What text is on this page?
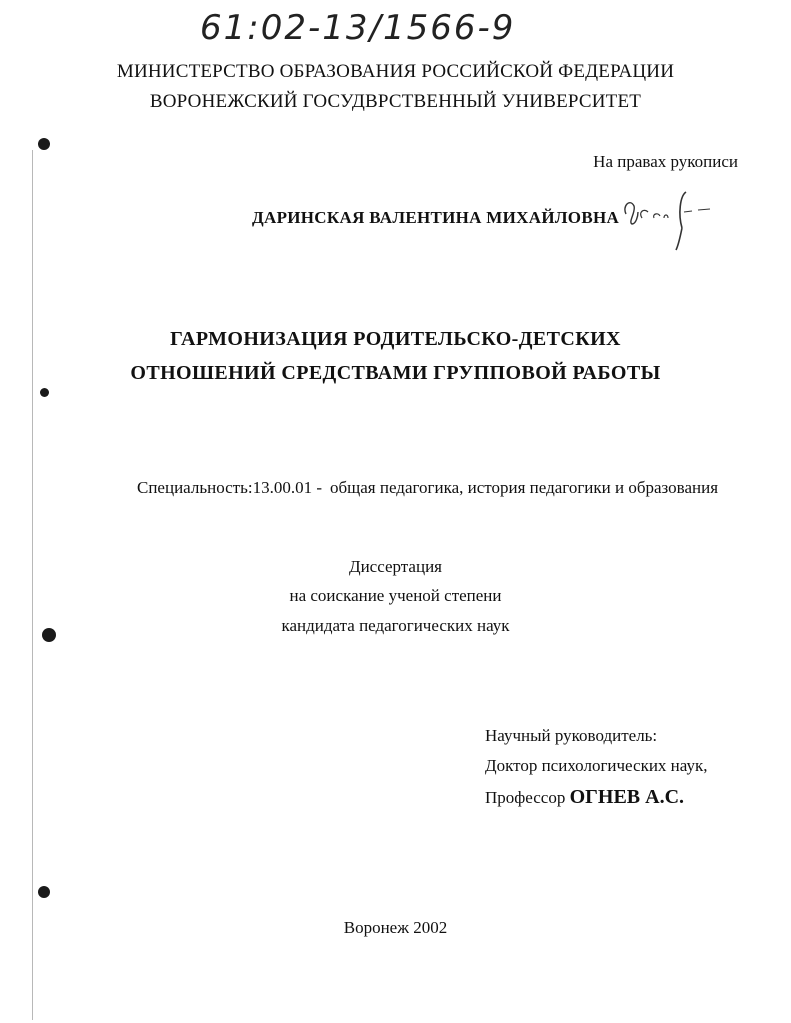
61:02-13/1566-9
МИНИСТЕРСТВО ОБРАЗОВАНИЯ РОССИЙСКОЙ ФЕДЕРАЦИИ
ВОРОНЕЖСКИЙ ГОСУДВРСТВЕННЫЙ УНИВЕРСИТЕТ
На правах рукописи
ДАРИНСКАЯ ВАЛЕНТИНА МИХАЙЛОВНА
ГАРМОНИЗАЦИЯ РОДИТЕЛЬСКО-ДЕТСКИХ
ОТНОШЕНИЙ СРЕДСТВАМИ ГРУППОВОЙ РАБОТЫ
Специальность:13.00.01 - общая педагогика, история педагогики и образования
Диссертация
на соискание ученой степени
кандидата педагогических наук
Научный руководитель:
Доктор психологических наук,
Профессор ОГНЕВ А.С.
Воронеж 2002
